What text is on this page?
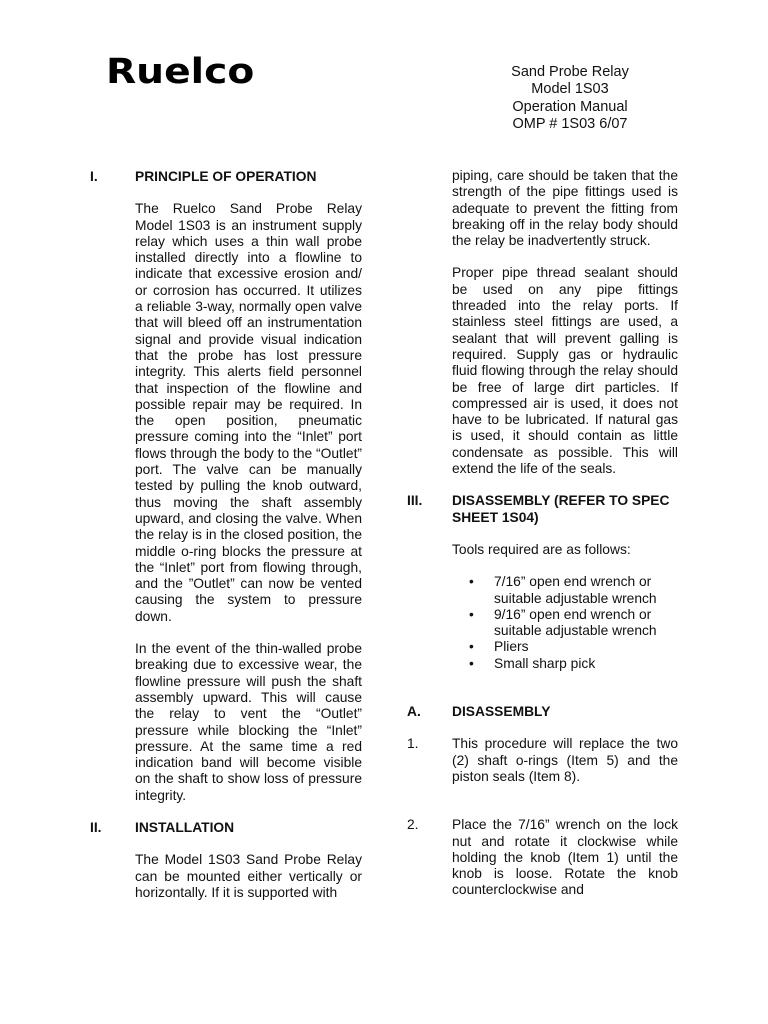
Ruelco	Sand Probe Relay
Model 1S03
Operation Manual
OMP # 1S03 6/07
I.	PRINCIPLE OF OPERATION

The Ruelco Sand Probe Relay Model 1S03 is an instrument supply relay which uses a thin wall probe installed directly into a flowline to indicate that excessive erosion and/ or corrosion has occurred. It utilizes a reliable 3-way, normally open valve that will bleed off an instrumentation signal and provide visual indication that the probe has lost pressure integrity. This alerts field personnel that inspection of the flowline and possible repair may be required. In the open position, pneumatic pressure coming into the “Inlet” port flows through the body to the “Outlet” port. The valve can be manually tested by pulling the knob outward, thus moving the shaft assembly upward, and closing the valve. When the relay is in the closed position, the middle o-ring blocks the pressure at the “Inlet” port from flowing through, and the ”Outlet” can now be vented causing the system to pressure down.

In the event of the thin-walled probe breaking due to excessive wear, the flowline pressure will push the shaft assembly upward. This will cause the relay to vent the “Outlet” pressure while blocking the “Inlet” pressure. At the same time a red indication band will become visible on the shaft to show loss of pressure integrity.

II.	INSTALLATION

The Model 1S03 Sand Probe Relay can be mounted either vertically or horizontally. If it is supported with

piping, care should be taken that the strength of the pipe fittings used is adequate to prevent the fitting from breaking off in the relay body should the relay be inadvertently struck.

Proper pipe thread sealant should be used on any pipe fittings threaded into the relay ports. If stainless steel fittings are used, a sealant that will prevent galling is required. Supply gas or hydraulic fluid flowing through the relay should be free of large dirt particles. If compressed air is used, it does not have to be lubricated. If natural gas is used, it should contain as little condensate as possible. This will extend the life of the seals.

III.	DISASSEMBLY (REFER TO SPEC SHEET 1S04)

Tools required are as follows:

• 7/16” open end wrench or suitable adjustable wrench
• 9/16” open end wrench or suitable adjustable wrench
• Pliers
• Small sharp pick
A.	DISASSEMBLY
1.	This procedure will replace the two (2) shaft o-rings (Item 5) and the piston seals (Item 8).
2.	Place the 7/16” wrench on the lock nut and rotate it clockwise while holding the knob (Item 1) until the knob is loose. Rotate the knob counterclockwise and
